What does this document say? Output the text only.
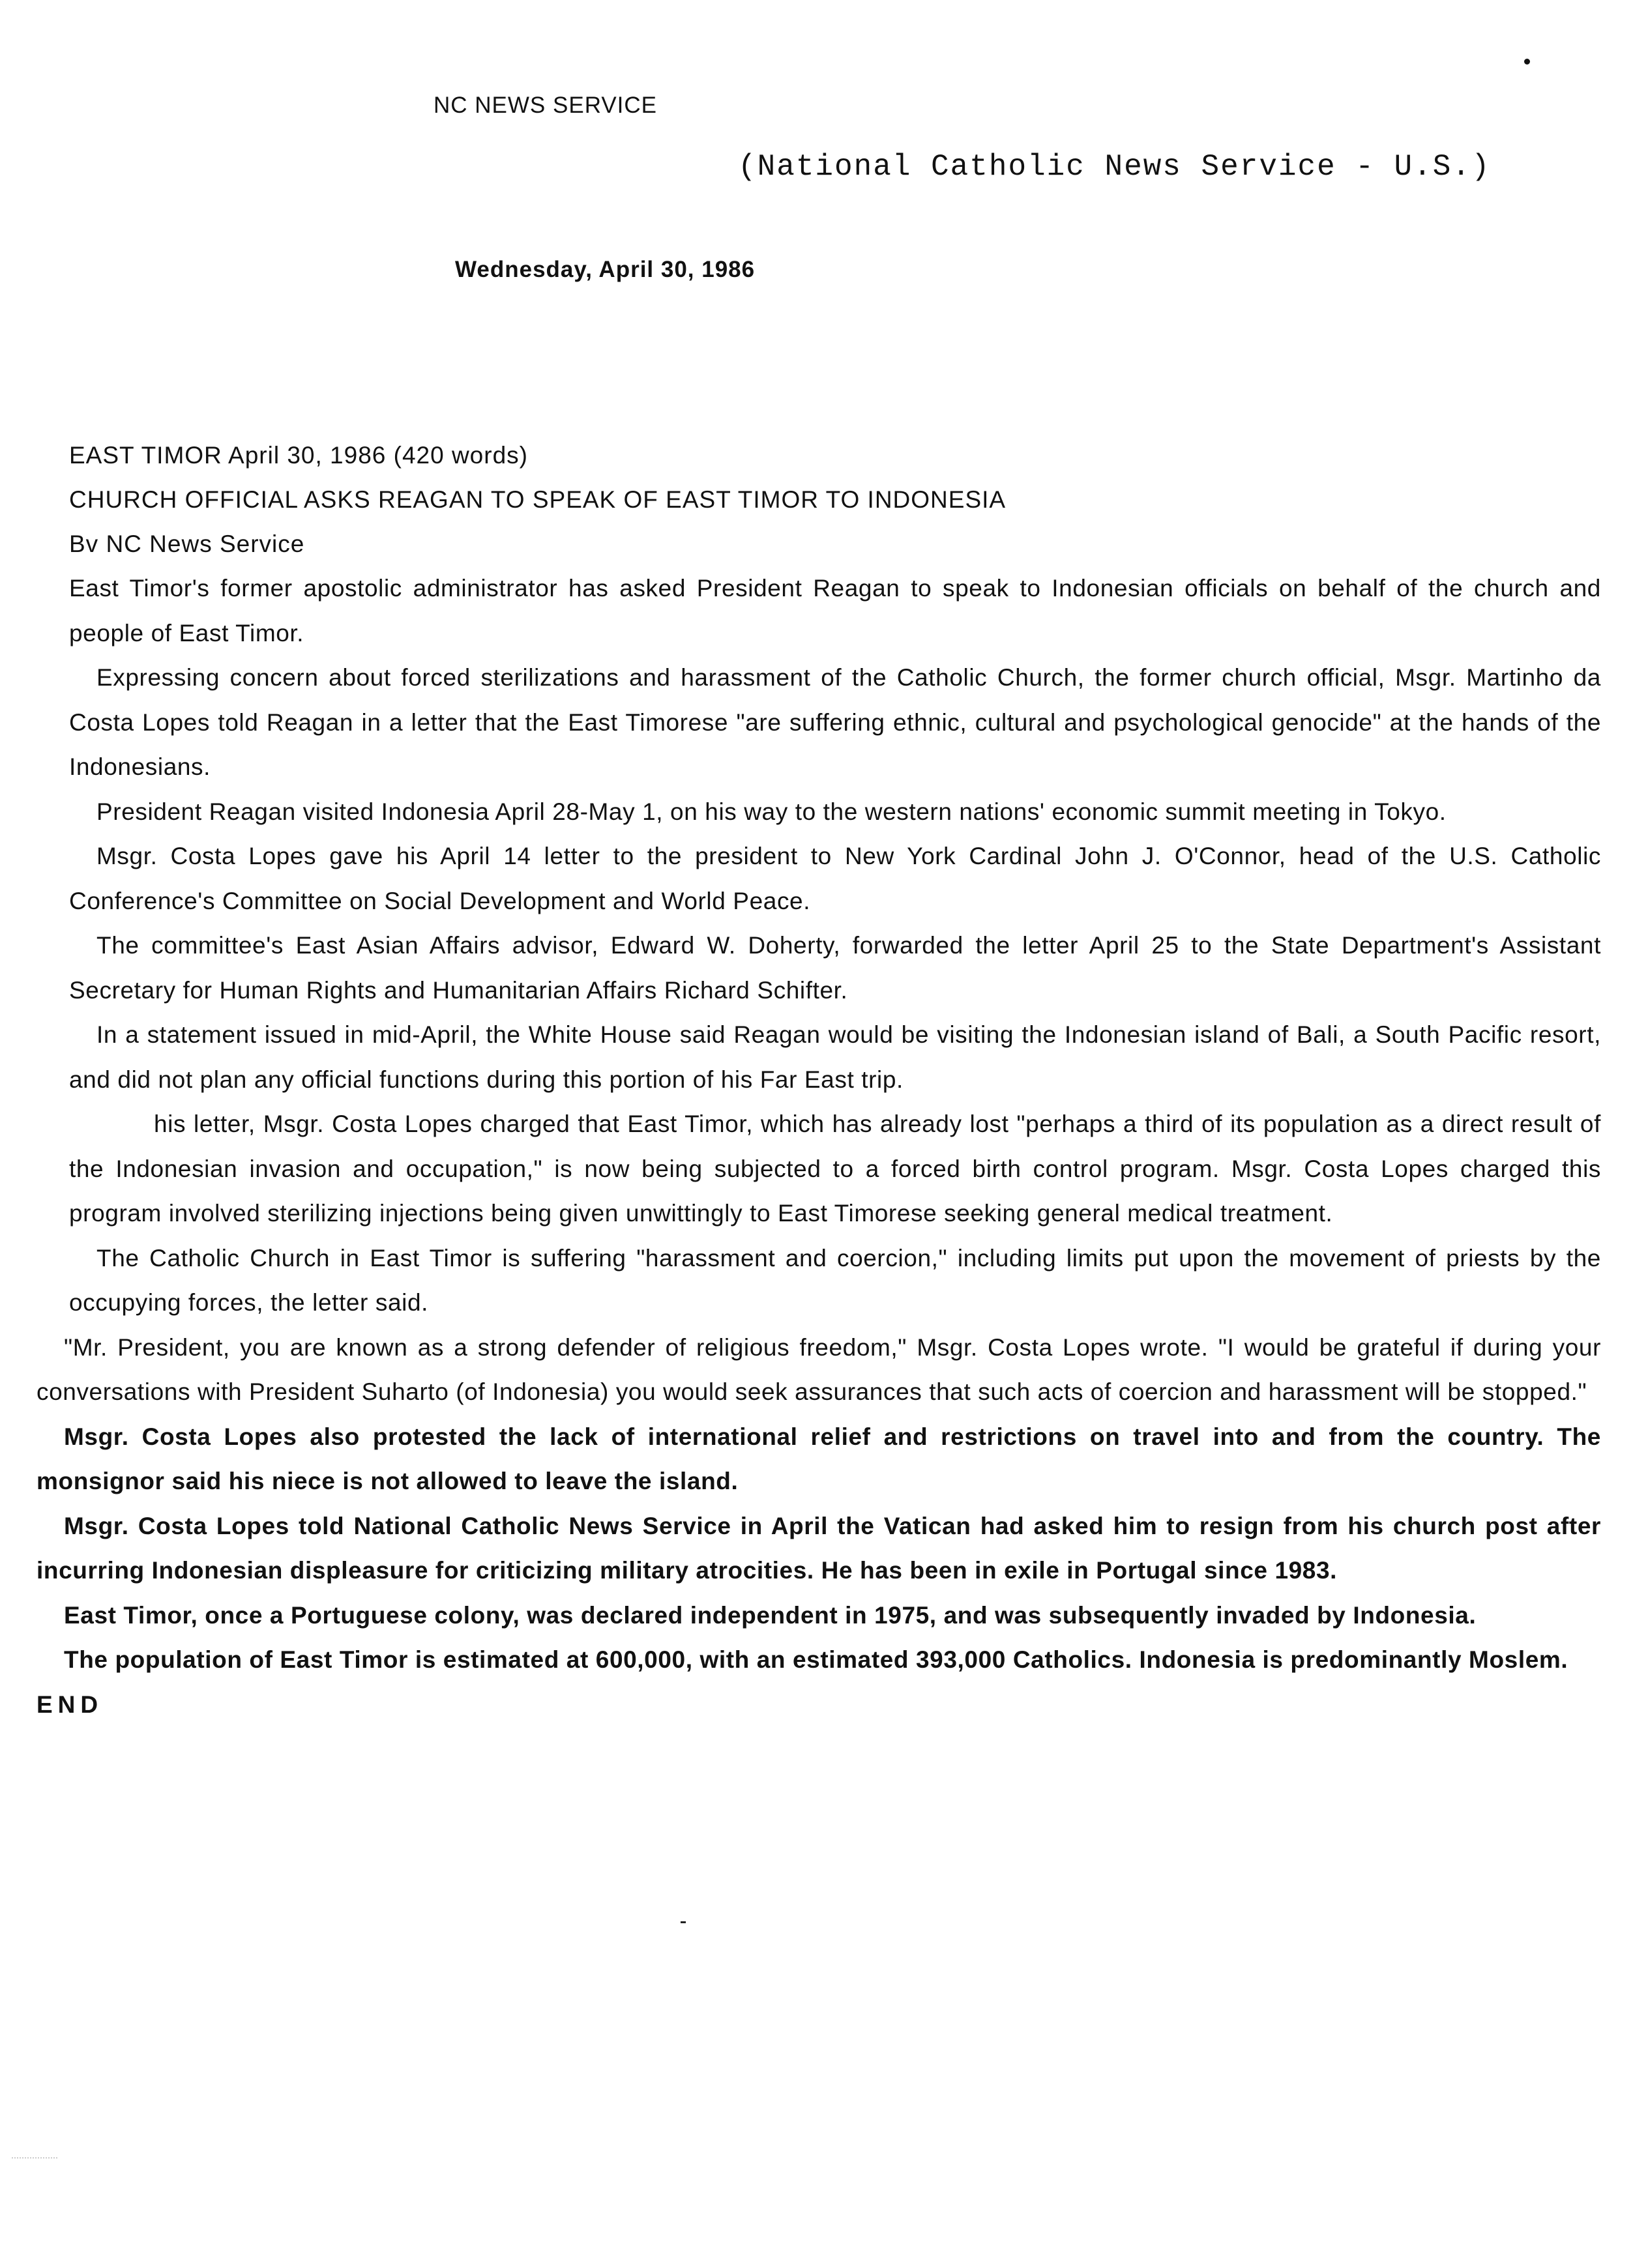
NC NEWS SERVICE
(National Catholic News Service - U.S.)
Wednesday, April 30, 1986
EAST TIMOR April 30, 1986 (420 words)
CHURCH OFFICIAL ASKS REAGAN TO SPEAK OF EAST TIMOR TO INDONESIA
Bv NC News Service

East Timor's former apostolic administrator has asked President Reagan to speak to Indonesian officials on behalf of the church and people of East Timor.

Expressing concern about forced sterilizations and harassment of the Catholic Church, the former church official, Msgr. Martinho da Costa Lopes told Reagan in a letter that the East Timorese "are suffering ethnic, cultural and psychological genocide" at the hands of the Indonesians.

President Reagan visited Indonesia April 28-May 1, on his way to the western nations' economic summit meeting in Tokyo.

Msgr. Costa Lopes gave his April 14 letter to the president to New York Cardinal John J. O'Connor, head of the U.S. Catholic Conference's Committee on Social Development and World Peace.

The committee's East Asian Affairs advisor, Edward W. Doherty, forwarded the letter April 25 to the State Department's Assistant Secretary for Human Rights and Humanitarian Affairs Richard Schifter.

In a statement issued in mid-April, the White House said Reagan would be visiting the Indonesian island of Bali, a South Pacific resort, and did not plan any official functions during this portion of his Far East trip.

his letter, Msgr. Costa Lopes charged that East Timor, which has already lost "perhaps a third of its population as a direct result of the Indonesian invasion and occupation," is now being subjected to a forced birth control program. Msgr. Costa Lopes charged this program involved sterilizing injections being given unwittingly to East Timorese seeking general medical treatment.

The Catholic Church in East Timor is suffering "harassment and coercion," including limits put upon the movement of priests by the occupying forces, the letter said.

"Mr. President, you are known as a strong defender of religious freedom," Msgr. Costa Lopes wrote. "I would be grateful if during your conversations with President Suharto (of Indonesia) you would seek assurances that such acts of coercion and harassment will be stopped."

Msgr. Costa Lopes also protested the lack of international relief and restrictions on travel into and from the country. The monsignor said his niece is not allowed to leave the island.

Msgr. Costa Lopes told National Catholic News Service in April the Vatican had asked him to resign from his church post after incurring Indonesian displeasure for criticizing military atrocities. He has been in exile in Portugal since 1983.

East Timor, once a Portuguese colony, was declared independent in 1975, and was subsequently invaded by Indonesia.

The population of East Timor is estimated at 600,000, with an estimated 393,000 Catholics. Indonesia is predominantly Moslem.

END
